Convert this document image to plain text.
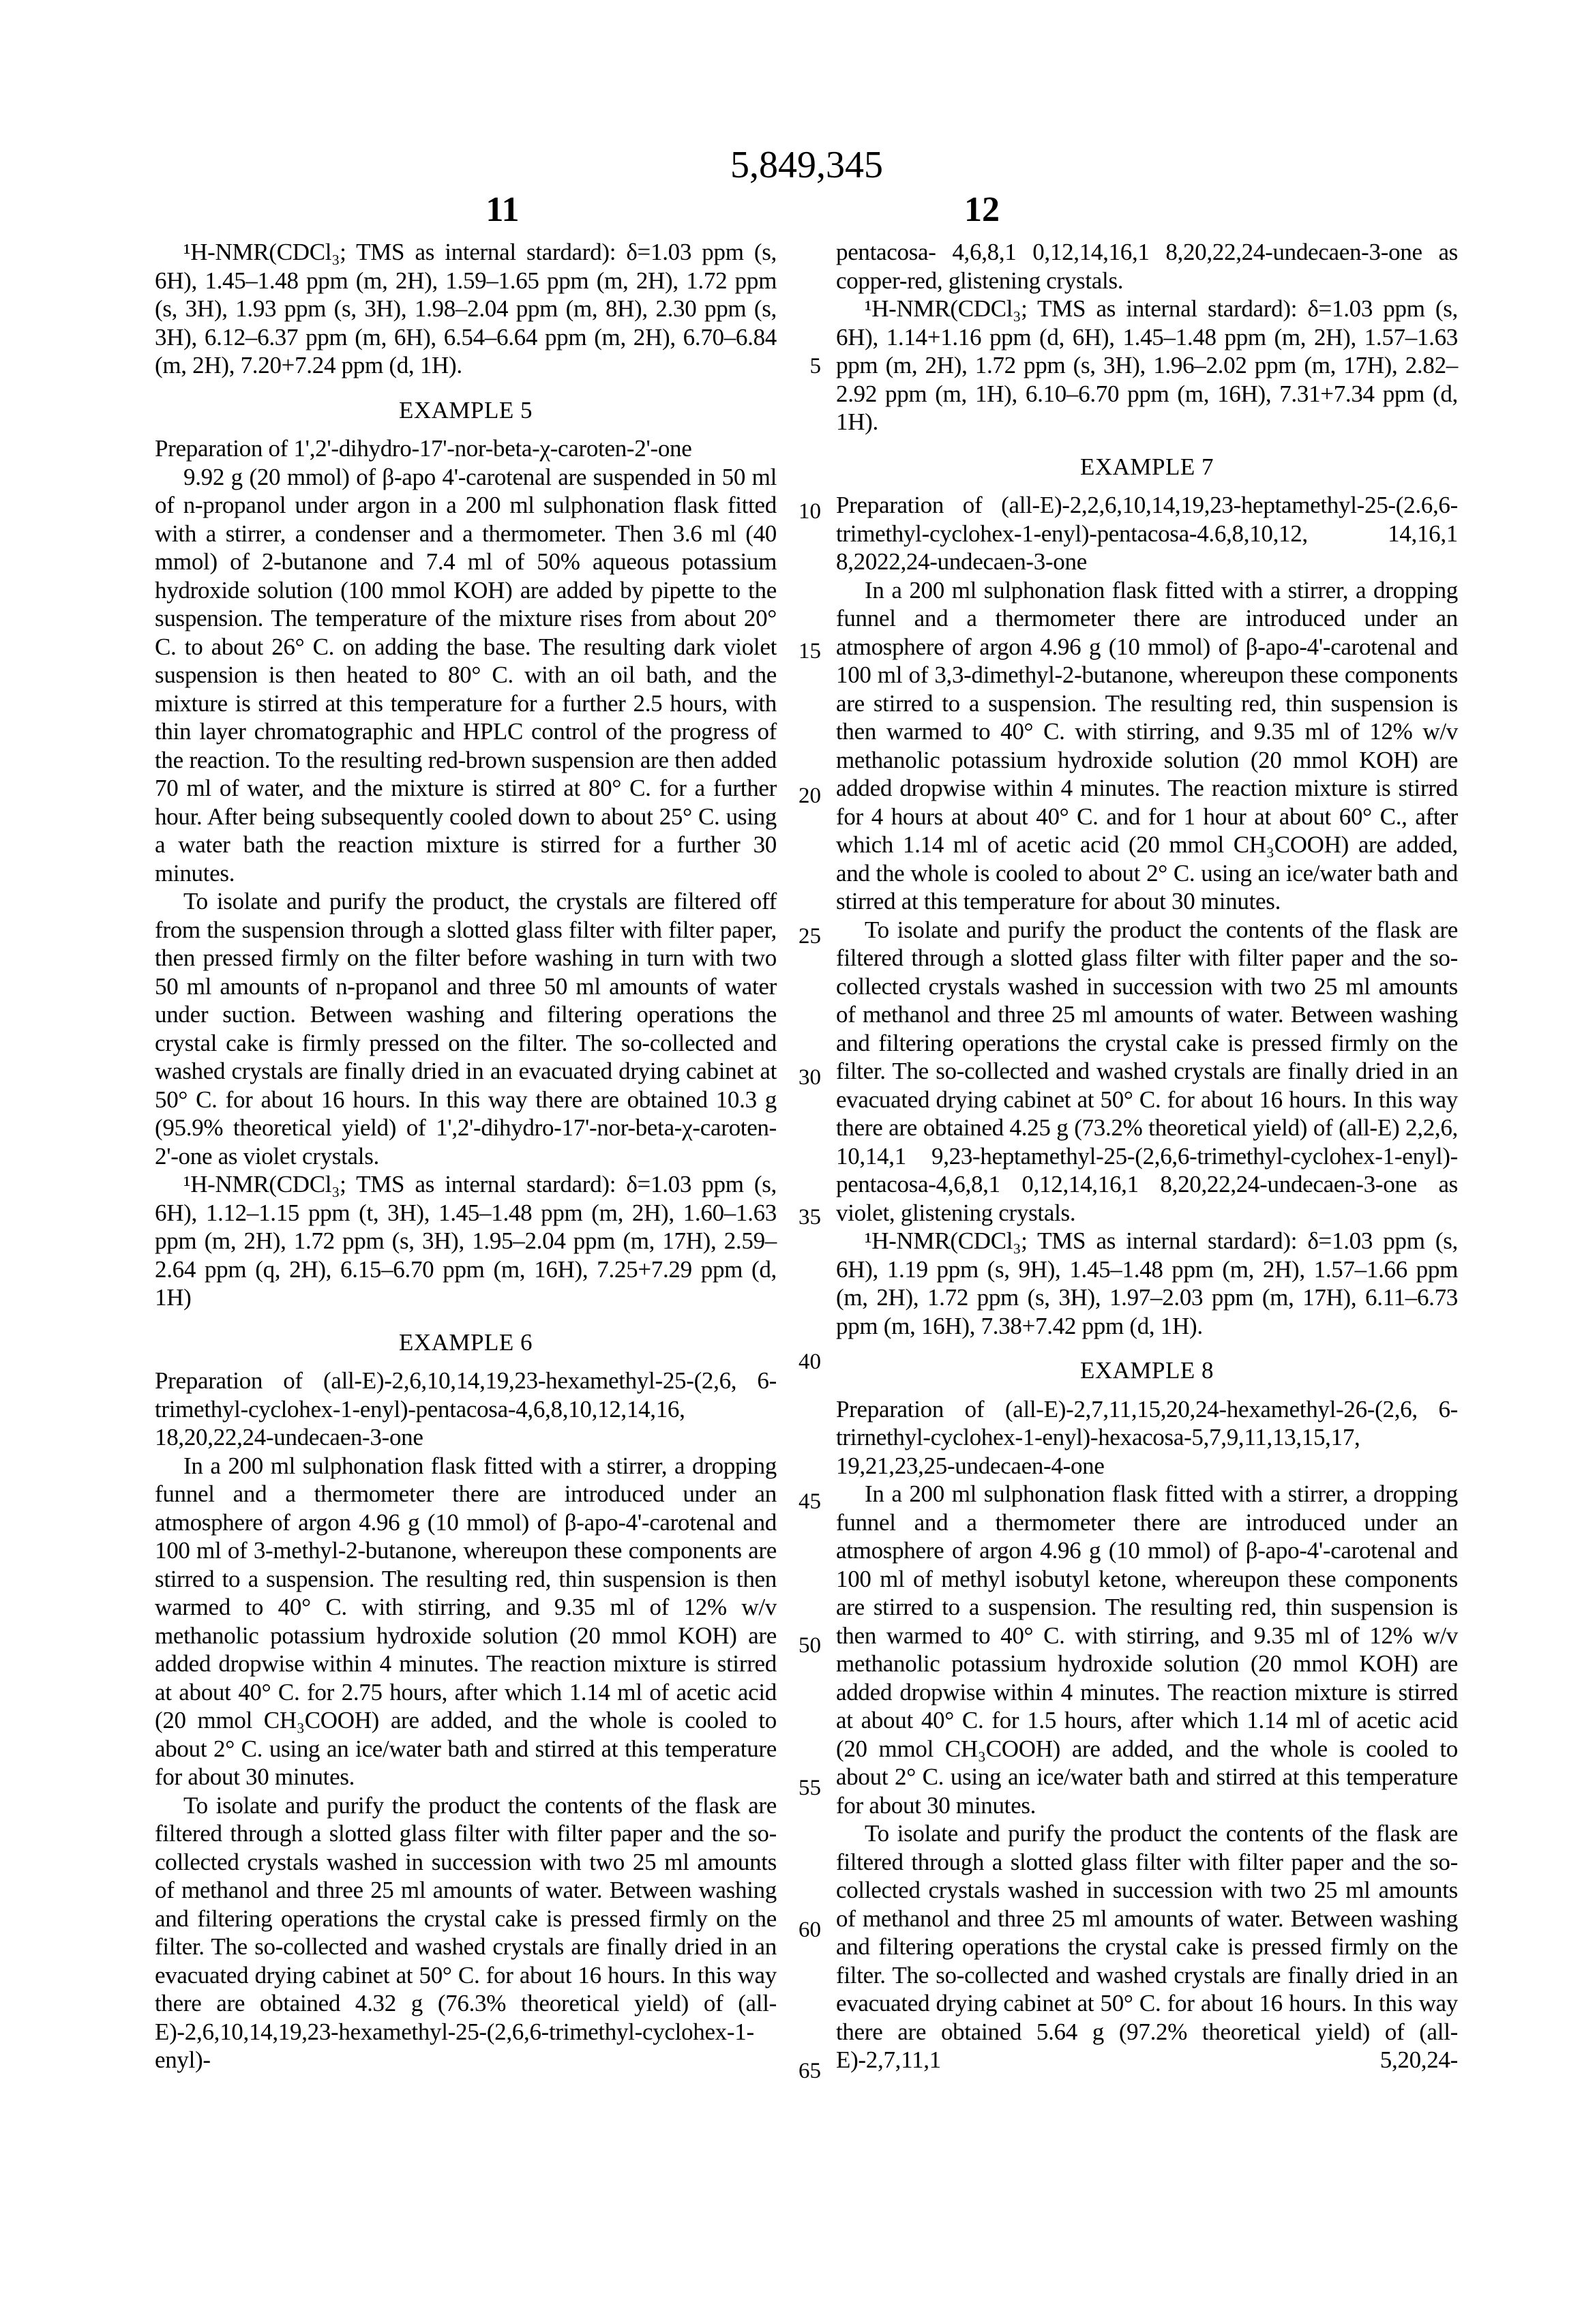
5,849,345
11	12
5
10
15
20
25
30
35
40
45
50
55
60
65

¹H-NMR(CDCl₃; TMS as internal stardard): δ=1.03 ppm (s, 6H), 1.45–1.48 ppm (m, 2H), 1.59–1.65 ppm (m, 2H), 1.72 ppm (s, 3H), 1.93 ppm (s, 3H), 1.98–2.04 ppm (m, 8H), 2.30 ppm (s, 3H), 6.12–6.37 ppm (m, 6H), 6.54–6.64 ppm (m, 2H), 6.70–6.84 (m, 2H), 7.20+7.24 ppm (d, 1H).

EXAMPLE 5

Preparation of 1',2'-dihydro-17'-nor-beta-χ-caroten-2'-one

9.92 g (20 mmol) of β-apo 4'-carotenal are suspended in 50 ml of n-propanol under argon in a 200 ml sulphonation flask fitted with a stirrer, a condenser and a thermometer. Then 3.6 ml (40 mmol) of 2-butanone and 7.4 ml of 50% aqueous potassium hydroxide solution (100 mmol KOH) are added by pipette to the suspension. The temperature of the mixture rises from about 20° C. to about 26° C. on adding the base. The resulting dark violet suspension is then heated to 80° C. with an oil bath, and the mixture is stirred at this temperature for a further 2.5 hours, with thin layer chromatographic and HPLC control of the progress of the reaction. To the resulting red-brown suspension are then added 70 ml of water, and the mixture is stirred at 80° C. for a further hour. After being subsequently cooled down to about 25° C. using a water bath the reaction mixture is stirred for a further 30 minutes.

To isolate and purify the product, the crystals are filtered off from the suspension through a slotted glass filter with filter paper, then pressed firmly on the filter before washing in turn with two 50 ml amounts of n-propanol and three 50 ml amounts of water under suction. Between washing and filtering operations the crystal cake is firmly pressed on the filter. The so-collected and washed crystals are finally dried in an evacuated drying cabinet at 50° C. for about 16 hours. In this way there are obtained 10.3 g (95.9% theoretical yield) of 1',2'-dihydro-17'-nor-beta-χ-caroten-2'-one as violet crystals.

¹H-NMR(CDCl₃; TMS as internal stardard): δ=1.03 ppm (s, 6H), 1.12–1.15 ppm (t, 3H), 1.45–1.48 ppm (m, 2H), 1.60–1.63 ppm (m, 2H), 1.72 ppm (s, 3H), 1.95–2.04 ppm (m, 17H), 2.59–2.64 ppm (q, 2H), 6.15–6.70 ppm (m, 16H), 7.25+7.29 ppm (d, 1H)

EXAMPLE 6

Preparation of (all-E)-2,6,10,14,19,23-hexamethyl-25-(2,6, 6-trimethyl-cyclohex-1-enyl)-pentacosa-4,6,8,10,12,14,16, 18,20,22,24-undecaen-3-one

In a 200 ml sulphonation flask fitted with a stirrer, a dropping funnel and a thermometer there are introduced under an atmosphere of argon 4.96 g (10 mmol) of β-apo-4'-carotenal and 100 ml of 3-methyl-2-butanone, whereupon these components are stirred to a suspension. The resulting red, thin suspension is then warmed to 40° C. with stirring, and 9.35 ml of 12% w/v methanolic potassium hydroxide solution (20 mmol KOH) are added dropwise within 4 minutes. The reaction mixture is stirred at about 40° C. for 2.75 hours, after which 1.14 ml of acetic acid (20 mmol CH₃COOH) are added, and the whole is cooled to about 2° C. using an ice/water bath and stirred at this temperature for about 30 minutes.

To isolate and purify the product the contents of the flask are filtered through a slotted glass filter with filter paper and the so-collected crystals washed in succession with two 25 ml amounts of methanol and three 25 ml amounts of water. Between washing and filtering operations the crystal cake is pressed firmly on the filter. The so-collected and washed crystals are finally dried in an evacuated drying cabinet at 50° C. for about 16 hours. In this way there are obtained 4.32 g (76.3% theoretical yield) of (all-E)-2,6,10,14,19,23-hexamethyl-25-(2,6,6-trimethyl-cyclohex-1-enyl)-

pentacosa- 4,6,8,1 0,12,14,16,1 8,20,22,24-undecaen-3-one as copper-red, glistening crystals.

¹H-NMR(CDCl₃; TMS as internal stardard): δ=1.03 ppm (s, 6H), 1.14+1.16 ppm (d, 6H), 1.45–1.48 ppm (m, 2H), 1.57–1.63 ppm (m, 2H), 1.72 ppm (s, 3H), 1.96–2.02 ppm (m, 17H), 2.82–2.92 ppm (m, 1H), 6.10–6.70 ppm (m, 16H), 7.31+7.34 ppm (d, 1H).

EXAMPLE 7

Preparation of (all-E)-2,2,6,10,14,19,23-heptamethyl-25-(2.6,6-trimethyl-cyclohex-1-enyl)-pentacosa-4.6,8,10,12, 14,16,1 8,2022,24-undecaen-3-one

In a 200 ml sulphonation flask fitted with a stirrer, a dropping funnel and a thermometer there are introduced under an atmosphere of argon 4.96 g (10 mmol) of β-apo-4'-carotenal and 100 ml of 3,3-dimethyl-2-butanone, whereupon these components are stirred to a suspension. The resulting red, thin suspension is then warmed to 40° C. with stirring, and 9.35 ml of 12% w/v methanolic potassium hydroxide solution (20 mmol KOH) are added dropwise within 4 minutes. The reaction mixture is stirred for 4 hours at about 40° C. and for 1 hour at about 60° C., after which 1.14 ml of acetic acid (20 mmol CH₃COOH) are added, and the whole is cooled to about 2° C. using an ice/water bath and stirred at this temperature for about 30 minutes.

To isolate and purify the product the contents of the flask are filtered through a slotted glass filter with filter paper and the so-collected crystals washed in succession with two 25 ml amounts of methanol and three 25 ml amounts of water. Between washing and filtering operations the crystal cake is pressed firmly on the filter. The so-collected and washed crystals are finally dried in an evacuated drying cabinet at 50° C. for about 16 hours. In this way there are obtained 4.25 g (73.2% theoretical yield) of (all-E) 2,2,6, 10,14,1 9,23-heptamethyl-25-(2,6,6-trimethyl-cyclohex-1-enyl)-pentacosa-4,6,8,1 0,12,14,16,1 8,20,22,24-undecaen-3-one as violet, glistening crystals.

¹H-NMR(CDCl₃; TMS as internal stardard): δ=1.03 ppm (s, 6H), 1.19 ppm (s, 9H), 1.45–1.48 ppm (m, 2H), 1.57–1.66 ppm (m, 2H), 1.72 ppm (s, 3H), 1.97–2.03 ppm (m, 17H), 6.11–6.73 ppm (m, 16H), 7.38+7.42 ppm (d, 1H).

EXAMPLE 8

Preparation of (all-E)-2,7,11,15,20,24-hexamethyl-26-(2,6, 6-trirnethyl-cyclohex-1-enyl)-hexacosa-5,7,9,11,13,15,17, 19,21,23,25-undecaen-4-one

In a 200 ml sulphonation flask fitted with a stirrer, a dropping funnel and a thermometer there are introduced under an atmosphere of argon 4.96 g (10 mmol) of β-apo-4'-carotenal and 100 ml of methyl isobutyl ketone, whereupon these components are stirred to a suspension. The resulting red, thin suspension is then warmed to 40° C. with stirring, and 9.35 ml of 12% w/v methanolic potassium hydroxide solution (20 mmol KOH) are added dropwise within 4 minutes. The reaction mixture is stirred at about 40° C. for 1.5 hours, after which 1.14 ml of acetic acid (20 mmol CH₃COOH) are added, and the whole is cooled to about 2° C. using an ice/water bath and stirred at this temperature for about 30 minutes.

To isolate and purify the product the contents of the flask are filtered through a slotted glass filter with filter paper and the so-collected crystals washed in succession with two 25 ml amounts of methanol and three 25 ml amounts of water. Between washing and filtering operations the crystal cake is pressed firmly on the filter. The so-collected and washed crystals are finally dried in an evacuated drying cabinet at 50° C. for about 16 hours. In this way there are obtained 5.64 g (97.2% theoretical yield) of (all-E)-2,7,11,1 5,20,24-
